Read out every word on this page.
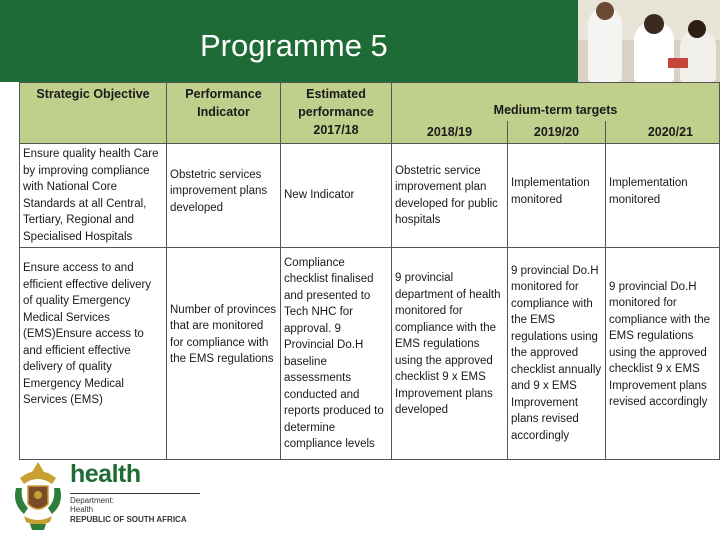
Programme 5
Strategic Objective	Performance Indicator	Estimated performance 2017/18	Medium-term targets		
			2018/19	2019/20	2020/21
Ensure quality health Care by improving compliance with National Core Standards at all Central, Tertiary, Regional and Specialised Hospitals	Obstetric services improvement plans developed	New Indicator	Obstetric service improvement plan developed for public hospitals	Implementation monitored	Implementation monitored
Ensure access to and efficient effective delivery of quality Emergency Medical Services (EMS)Ensure access to and efficient effective delivery of quality Emergency Medical Services (EMS)	Number of provinces that are monitored for compliance with the EMS regulations	Compliance checklist finalised and presented to Tech NHC for approval. 9 Provincial Do.H baseline assessments conducted and reports produced to determine compliance levels	9 provincial department of health monitored for compliance with the EMS regulations using the approved checklist 9 x EMS Improvement plans developed	9 provincial Do.H monitored for compliance with the EMS regulations using the approved checklist annually and 9 x EMS Improvement plans revised accordingly	9 provincial Do.H monitored for compliance with the EMS regulations using the approved checklist 9 x EMS Improvement plans revised accordingly
health
Department:
Health
REPUBLIC OF SOUTH AFRICA
